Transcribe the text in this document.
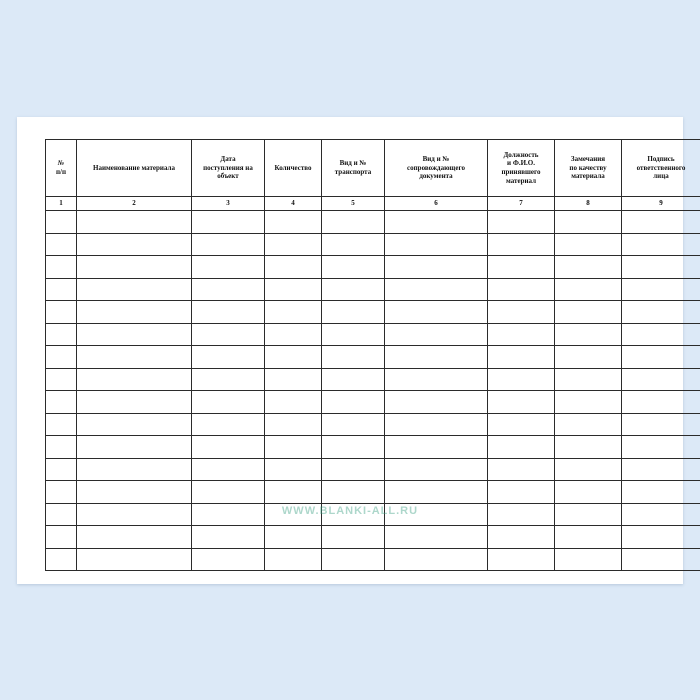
№
п/п	Наименование материала	Дата
поступления на
объект	Количество	Вид и №
транспорта	Вид и №
сопровождающего
документа	Должность
и Ф.И.О.
принявшего
материал	Замечания
по качеству
материала	Подпись
ответственного
лица

1	2	3	4	5	6	7	8	9

WWW.BLANKI-ALL.RU
